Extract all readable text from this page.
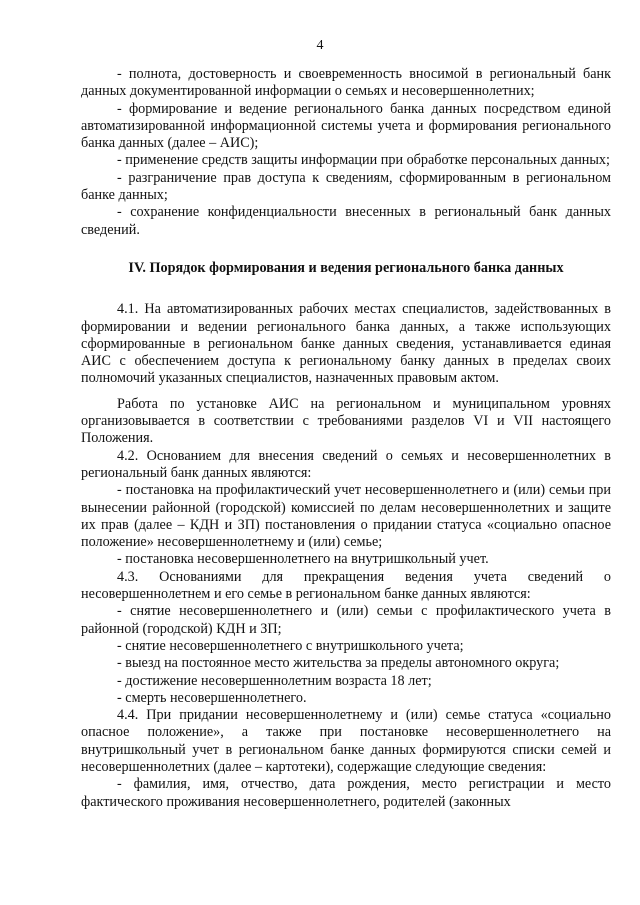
4

- полнота, достоверность и своевременность вносимой в региональный банк данных документированной информации о семьях и несовершеннолетних;

- формирование и ведение регионального банка данных посредством единой автоматизированной информационной системы учета и формирования регионального банка данных (далее – АИС);

- применение средств защиты информации при обработке персональных данных;

- разграничение прав доступа к сведениям, сформированным в региональном банке данных;

- сохранение конфиденциальности внесенных в региональный банк данных сведений.

IV. Порядок формирования и ведения регионального банка данных

4.1. На автоматизированных рабочих местах специалистов, задействованных в формировании и ведении регионального банка данных, а также использующих сформированные в региональном банке данных сведения, устанавливается единая АИС с обеспечением доступа к региональному банку данных в пределах своих полномочий указанных специалистов, назначенных правовым актом.

Работа по установке АИС на региональном и муниципальном уровнях организовывается в соответствии с требованиями разделов VI и VII настоящего Положения.

4.2. Основанием для внесения сведений о семьях и несовершеннолетних в региональный банк данных являются:

- постановка на профилактический учет несовершеннолетнего и (или) семьи при вынесении районной (городской) комиссией по делам несовершеннолетних и защите их прав (далее – КДН и ЗП) постановления о придании статуса «социально опасное положение» несовершеннолетнему и (или) семье;

- постановка несовершеннолетнего на внутришкольный учет.

4.3. Основаниями для прекращения ведения учета сведений о несовершеннолетнем и его семье в региональном банке данных являются:

- снятие несовершеннолетнего и (или) семьи с профилактического учета в районной (городской) КДН и ЗП;

- снятие несовершеннолетнего с внутришкольного учета;

- выезд на постоянное место жительства за пределы автономного округа;

- достижение несовершеннолетним возраста 18 лет;

- смерть несовершеннолетнего.

4.4. При придании несовершеннолетнему и (или) семье статуса «социально опасное положение», а также при постановке несовершеннолетнего на внутришкольный учет в региональном банке данных формируются списки семей и несовершеннолетних (далее – картотеки), содержащие следующие сведения:

- фамилия, имя, отчество, дата рождения, место регистрации и место фактического проживания несовершеннолетнего, родителей (законных
